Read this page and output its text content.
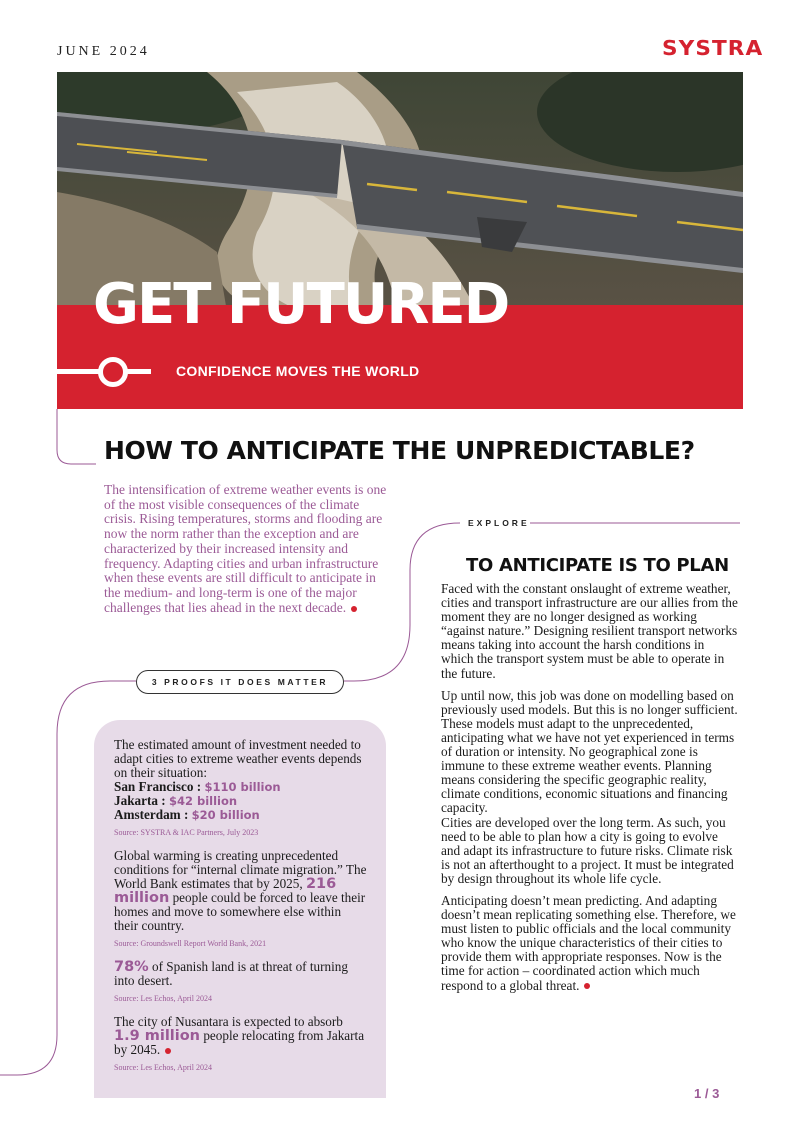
JUNE 2024	SYSTRA
GET FUTURED
CONFIDENCE MOVES THE WORLD
HOW TO ANTICIPATE THE UNPREDICTABLE?
The intensification of extreme weather events is one of the most visible consequences of the climate crisis. Rising temperatures, storms and flooding are now the norm rather than the exception and are characterized by their increased intensity and frequency. Adapting cities and urban infrastructure when these events are still difficult to anticipate in the medium- and long-term is one of the major challenges that lies ahead in the next decade.
EXPLORE
TO ANTICIPATE IS TO PLAN

Faced with the constant onslaught of extreme weather, cities and transport infrastructure are our allies from the moment they are no longer designed as working “against nature.” Designing resilient transport networks means taking into account the harsh conditions in which the transport system must be able to operate in the future.

Up until now, this job was done on modelling based on previously used models. But this is no longer sufficient. These models must adapt to the unprecedented, anticipating what we have not yet experienced in terms of duration or intensity. No geographical zone is immune to these extreme weather events. Planning means considering the specific geographic reality, climate conditions, economic situations and financing capacity.

Cities are developed over the long term. As such, you need to be able to plan how a city is going to evolve and adapt its infrastructure to future risks. Climate risk is not an afterthought to a project. It must be integrated by design throughout its whole life cycle.

Anticipating doesn’t mean predicting. And adapting doesn’t mean replicating something else. Therefore, we must listen to public officials and the local community who know the unique characteristics of their cities to provide them with appropriate responses. Now is the time for action – coordinated action which much respond to a global threat.

3 PROOFS IT DOES MATTER

The estimated amount of investment needed to adapt cities to extreme weather events depends on their situation:
San Francisco : $110 billion
Jakarta : $42 billion
Amsterdam : $20 billion

Source: SYSTRA & IAC Partners, July 2023

Global warming is creating unprecedented conditions for “internal climate migration.” The World Bank estimates that by 2025, 216 million people could be forced to leave their homes and move to somewhere else within their country.

Source: Groundswell Report World Bank, 2021

78% of Spanish land is at threat of turning into desert.

Source: Les Echos, April 2024

The city of Nusantara is expected to absorb 1.9 million people relocating from Jakarta by 2045.

Source: Les Echos, April 2024
1 / 3
